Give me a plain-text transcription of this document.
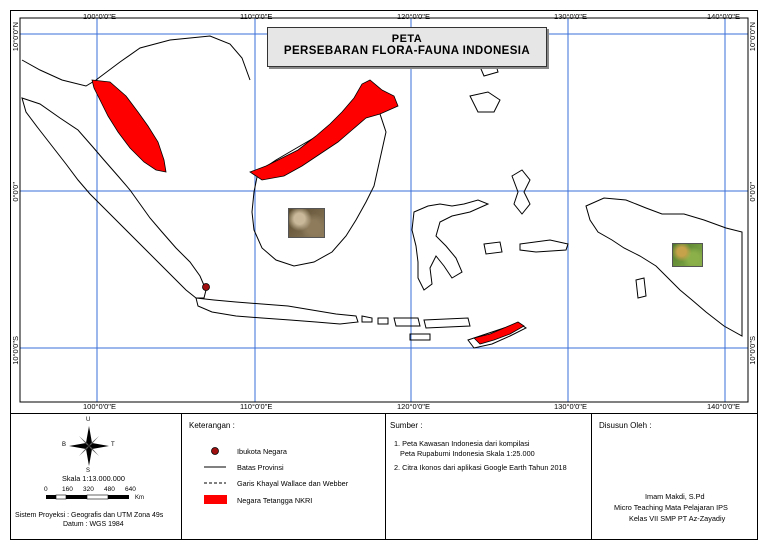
100°0'0"E	110°0'0"E	120°0'0"E	130°0'0"E	140°0'0"E
100°0'0"E	110°0'0"E	120°0'0"E	130°0'0"E	140°0'0"E
10°0'0"N
0°0'0"
10°0'0"S
10°0'0"N
0°0'0"
10°0'0"S
PETA
PERSEBARAN FLORA-FAUNA INDONESIA
U
S
T
B
Skala 1:13.000.000
0 160 320 480 640
Km
Sistem Proyeksi : Geografis dan UTM Zona 49s
Datum : WGS 1984
Keterangan :
Ibukota Negara
Batas Provinsi
Garis Khayal Wallace dan Webber
Negara Tetangga NKRI
Sumber :
1. Peta Kawasan Indonesia dari kompilasi
Peta Rupabumi Indonesia Skala 1:25.000
2. Citra Ikonos dari aplikasi Google Earth Tahun 2018
Disusun Oleh :
Imam Makdi, S.Pd
Micro Teaching Mata Pelajaran IPS
Kelas VII SMP PT Az-Zayadiy
